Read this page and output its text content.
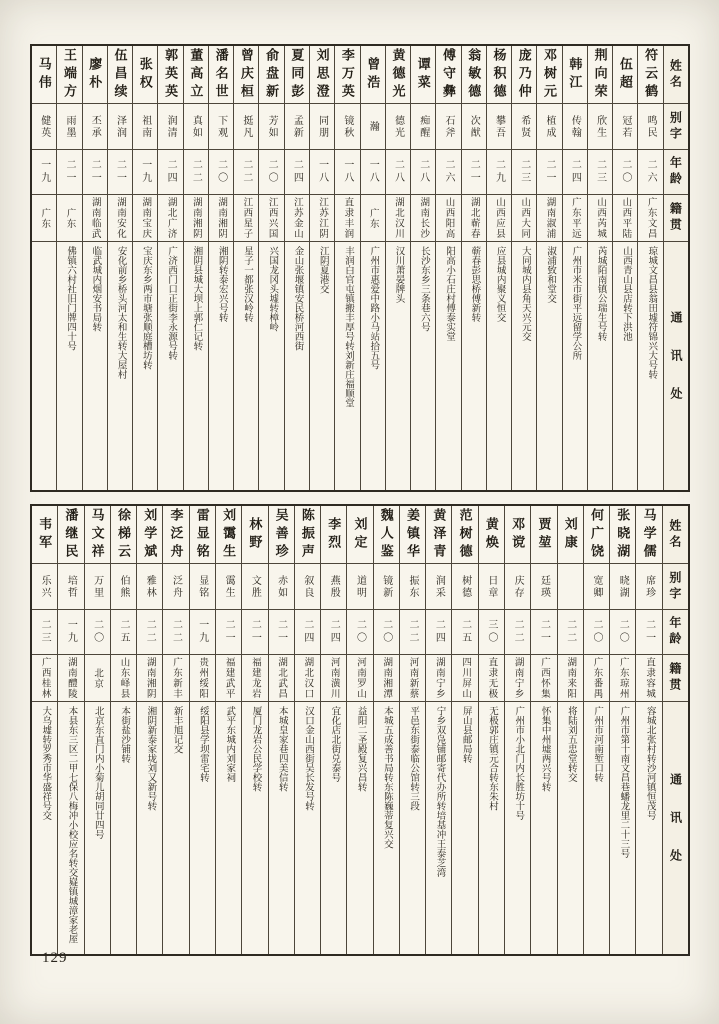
姓名
别字
年龄
籍贯
通讯处
符云鹤
鸣民
二六
广东文昌
琼城文昌县翁田墟符锦兴大号转
伍超
冠若
二〇
山西平陆
山西青山县店转下洪池
荆向荣
欣生
二三
山西芮城
芮城陌南镇公瑞生号转
韩江
传翰
二四
广东平远
广州市米市街平远留学公所
邓树元
植成
二一
湖南淑浦
淑浦致和堂交
庞乃仲
希贤
二三
山西大同
大同城内县角天兴元交
杨积德
攀吾
二九
山西应县
应县城内聚义恒交
翁敏德
次猷
二一
湖北蕲春
蕲春彭思桥傅新转
傅守彝
石斧
二六
山西阳高
阳高小石庄村傅泰实堂
谭菜
痴醒
二八
湖南长沙
长沙东乡三条巷六号
黄德光
德光
二八
湖北汉川
汉川萧晏牌头
曾浩
瀚
一八
广东
广州市惠爱中路小马站拾五号
李万英
镜秋
一八
直隶丰润
丰润白官屯镇搬丰厚号转刘新庄福顺堂
刘思澄
同朋
一八
江苏江阴
江阴夏港交
夏同彭
孟新
二四
江苏金山
金山张堰镇安民桥河西街
俞盘新
芳如
二〇
江西兴国
兴国龙冈头墟转樟岭
曾庆桓
挺凡
二二
江西星子
星子一都张汉岭转
潘名世
下观
二〇
湖南湘阴
湘阴转泰宏兴号转
董高立
真如
二二
湖南湘阴
湘阴县城大坝上郭仁记转
郭英英
润清
二四
湖北广济
广济西门口正街李永源号转
张权
祖南
一九
湖南宝庆
宝庆东乡两市塘张顺庭槽坊转
伍昌续
泽润
二一
湖南安化
安化前乡桥头河太和生转大屋村
廖朴
丕承
二一
湖南临武
临武城内烟安书局转
王端方
雨墨
二一
广东
佛镇六村社旧门牌四十号
马伟
健英
一九
广东
姓名
别字
年龄
籍贯
通讯处
马学儒
席珍
二一
直隶容城
容城北张村转沙河镇恒茂号
张晓湖
晓湖
二〇
广东琼州
广州市第十南文昌巷蟠龙里二十三号
何广饶
宽卿
二〇
广东番禺
广州市河南堑口转
刘康
二二
湖南来阳
将陆刘五忠堂转交
贾堃
廷瑛
二一
广西怀集
怀集中州墟两兴号转
邓谠
庆存
二二
湖南宁乡
广州市小北门内长胜坊十号
黄焕
日章
三〇
直隶无极
无极郭庄镇元合转东朱村
范树德
树德
二五
四川屏山
屏山县邮局转
黄泽青
润采
二四
湖南宁乡
宁乡双凫铺邮寄代办所转培基冲王泰芝湾
姜镇华
振东
二二
河南新蔡
平邑东街泰临公馆转三段
魏人鉴
镜新
二〇
湖南湘潭
本城五成善书局转东陈巍蒂复兴交
刘定
道明
二〇
河南罗山
益阳二圣殿复兴昌转
李烈
燕殷
二四
河南潢川
宜化店北街兑泰号
陈振声
叙良
二四
湖北汉口
汉口金山西街吴长发号转
吴善珍
赤如
二一
湖北武昌
本城皇家巷四美信转
林野
文胜
二一
福建龙岩
厦门龙岩公民学校转
刘霭生
霭生
二一
福建武平
武平东城内刘家祠
雷显铭
显铭
一九
贵州绥阳
绥阳县学坝雷宅转
李泛舟
泛舟
二二
广东新丰
新丰旭记交
刘学斌
雅林
二二
湖南湘阴
湘阴新泰家垅刘又新号转
徐梯云
伯熊
二五
山东峄县
本街盐沙铺转
马文祥
万里
二〇
北京
北京东直门内小菊儿胡同廿四号
潘继民
培哲
一九
湖南醴陵
本县东三区二甲七保八梅冲小校应名转交嶷镇城漳家老厔
韦军
乐兴
二三
广西桂林
大乌墟转罗秀市华盛祥号交
129
